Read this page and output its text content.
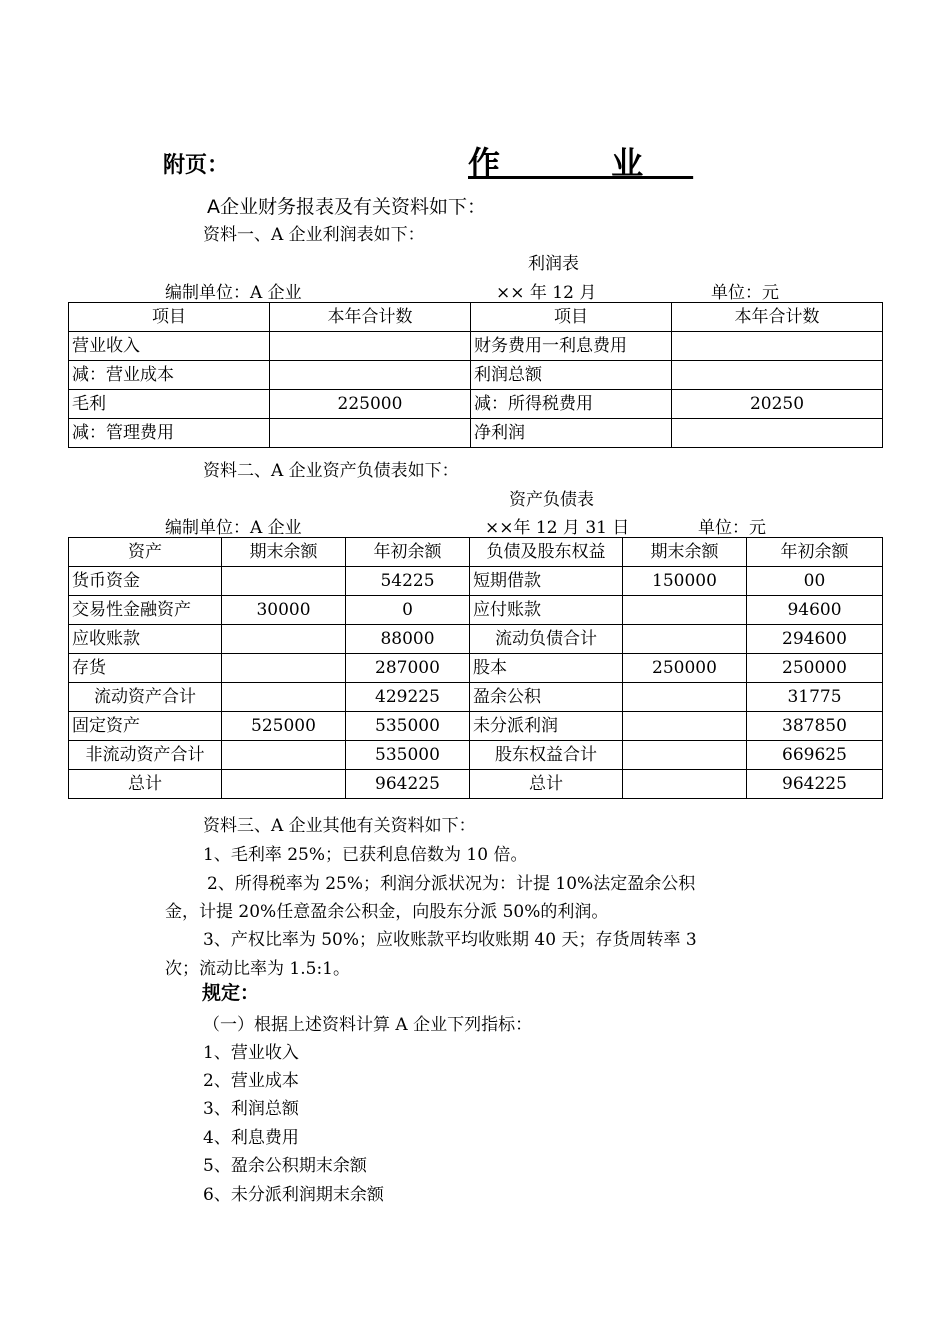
附页：	作 业
A企业财务报表及有关资料如下：
资料一、A 企业利润表如下：
利润表
编制单位：A 企业	×× 年 12 月	单位：元
项目	本年合计数	项目	本年合计数
营业收入		财务费用一利息费用	
减：营业成本		利润总额	
毛利	225000	减：所得税费用	20250
减：管理费用		净利润	
资料二、A 企业资产负债表如下：
资产负债表
编制单位：A 企业	××年 12 月 31 日	单位：元
资产	期末余额	年初余额	负债及股东权益	期末余额	年初余额
货币资金		54225	短期借款	150000	00
交易性金融资产	30000	0	应付账款		94600
应收账款		88000	流动负债合计		294600
存货		287000	股本	250000	250000
流动资产合计		429225	盈余公积		31775
固定资产	525000	535000	未分派利润		387850
非流动资产合计		535000	股东权益合计		669625
总计		964225	总计		964225
资料三、A 企业其他有关资料如下：
1、毛利率 25%；已获利息倍数为 10 倍。
2、所得税率为 25%；利润分派状况为：计提 10%法定盈余公积
金，计提 20%任意盈余公积金，向股东分派 50%的利润。
3、产权比率为 50%；应收账款平均收账期 40 天；存货周转率 3
次；流动比率为 1.5:1。
规定：
（一）根据上述资料计算 A 企业下列指标：
1、营业收入
2、营业成本
3、利润总额
4、利息费用
5、盈余公积期末余额
6、未分派利润期末余额
